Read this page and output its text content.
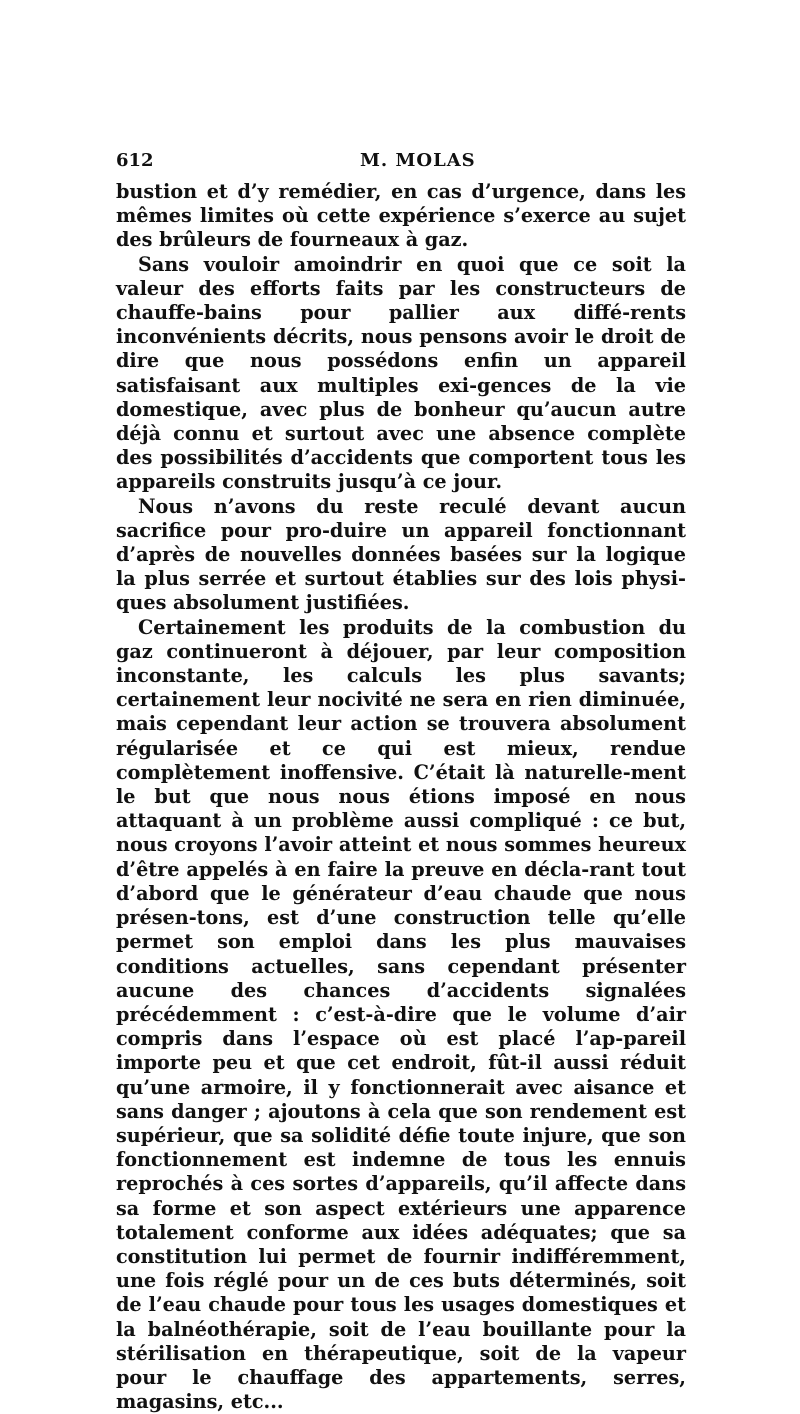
612	M. MOLAS

bustion et d’y remédier, en cas d’urgence, dans les mêmes limites où cette expérience s’exerce au sujet des brûleurs de fourneaux à gaz.

Sans vouloir amoindrir en quoi que ce soit la valeur des efforts faits par les constructeurs de chauffe-bains pour pallier aux diffé-rents inconvénients décrits, nous pensons avoir le droit de dire que nous possédons enfin un appareil satisfaisant aux multiples exi-gences de la vie domestique, avec plus de bonheur qu’aucun autre déjà connu et surtout avec une absence complète des possibilités d’accidents que comportent tous les appareils construits jusqu’à ce jour.

Nous n’avons du reste reculé devant aucun sacrifice pour pro-duire un appareil fonctionnant d’après de nouvelles données basées sur la logique la plus serrée et surtout établies sur des lois physi-ques absolument justifiées.

Certainement les produits de la combustion du gaz continueront à déjouer, par leur composition inconstante, les calculs les plus savants; certainement leur nocivité ne sera en rien diminuée, mais cependant leur action se trouvera absolument régularisée et ce qui est mieux, rendue complètement inoffensive. C’était là naturelle-ment le but que nous nous étions imposé en nous attaquant à un problème aussi compliqué : ce but, nous croyons l’avoir atteint et nous sommes heureux d’être appelés à en faire la preuve en décla-rant tout d’abord que le générateur d’eau chaude que nous présen-tons, est d’une construction telle qu’elle permet son emploi dans les plus mauvaises conditions actuelles, sans cependant présenter aucune des chances d’accidents signalées précédemment : c’est-à-dire que le volume d’air compris dans l’espace où est placé l’ap-pareil importe peu et que cet endroit, fût-il aussi réduit qu’une armoire, il y fonctionnerait avec aisance et sans danger ; ajoutons à cela que son rendement est supérieur, que sa solidité défie toute injure, que son fonctionnement est indemne de tous les ennuis reprochés à ces sortes d’appareils, qu’il affecte dans sa forme et son aspect extérieurs une apparence totalement conforme aux idées adéquates; que sa constitution lui permet de fournir indifféremment, une fois réglé pour un de ces buts déterminés, soit de l’eau chaude pour tous les usages domestiques et la balnéothérapie, soit de l’eau bouillante pour la stérilisation en thérapeutique, soit de la vapeur pour le chauffage des appartements, serres, magasins, etc...
